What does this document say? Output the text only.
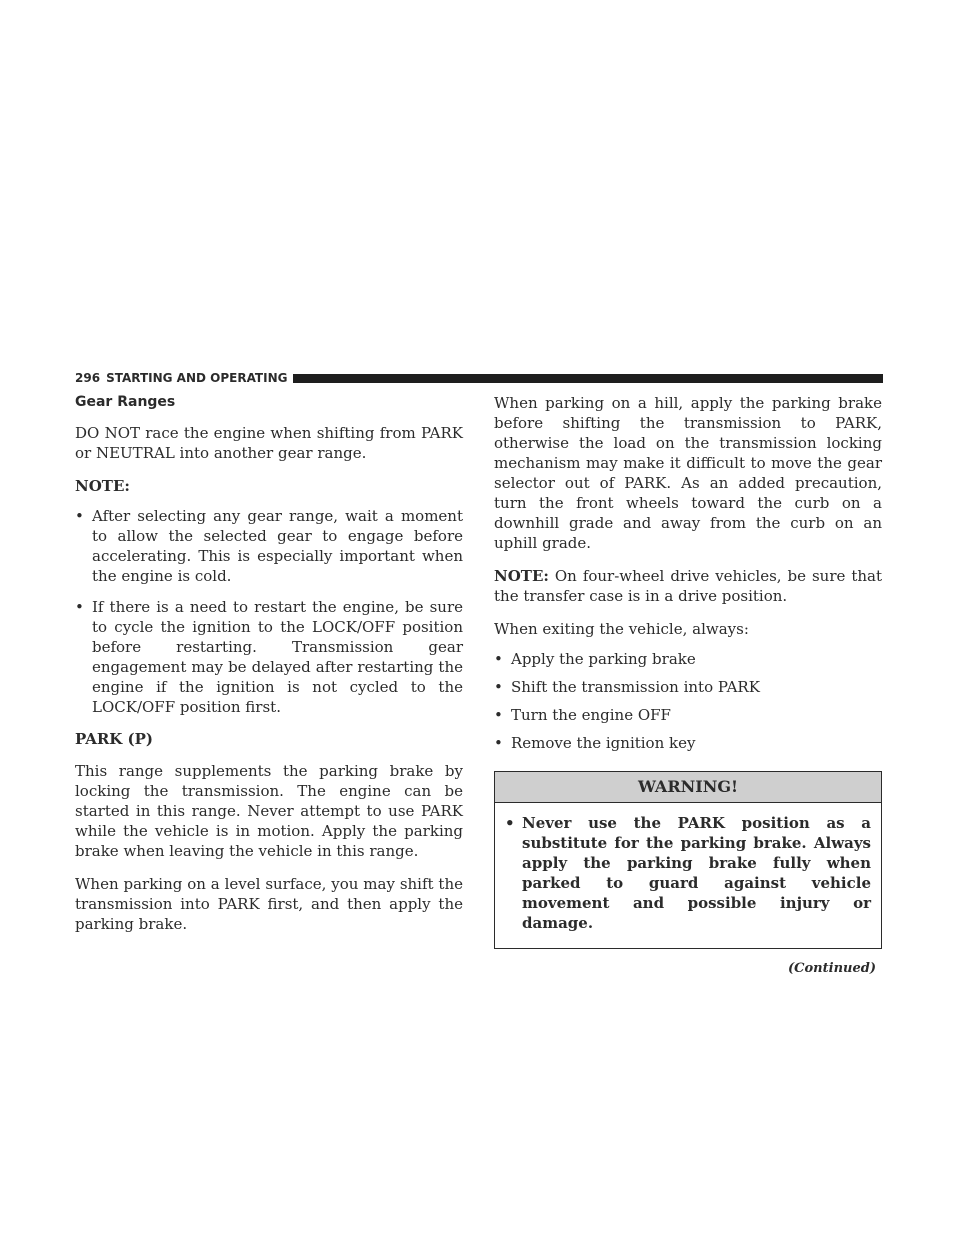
296 STARTING AND OPERATING
Gear Ranges

DO NOT race the engine when shifting from PARK or NEUTRAL into another gear range.

NOTE:
• After selecting any gear range, wait a moment to allow the selected gear to engage before accelerating. This is especially important when the engine is cold.
• If there is a need to restart the engine, be sure to cycle the ignition to the LOCK/OFF position before restarting. Transmission gear engagement may be delayed after restarting the engine if the ignition is not cycled to the LOCK/OFF position first.
PARK (P)

This range supplements the parking brake by locking the transmission. The engine can be started in this range. Never attempt to use PARK while the vehicle is in motion. Apply the parking brake when leaving the vehicle in this range.

When parking on a level surface, you may shift the transmission into PARK first, and then apply the parking brake.

When parking on a hill, apply the parking brake before shifting the transmission to PARK, otherwise the load on the transmission locking mechanism may make it difficult to move the gear selector out of PARK. As an added precaution, turn the front wheels toward the curb on a downhill grade and away from the curb on an uphill grade.

NOTE: On four-wheel drive vehicles, be sure that the transfer case is in a drive position.

When exiting the vehicle, always:

• Apply the parking brake
• Shift the transmission into PARK
• Turn the engine OFF
• Remove the ignition key
WARNING!
• Never use the PARK position as a substitute for the parking brake. Always apply the parking brake fully when parked to guard against vehicle movement and possible injury or damage.
(Continued)
